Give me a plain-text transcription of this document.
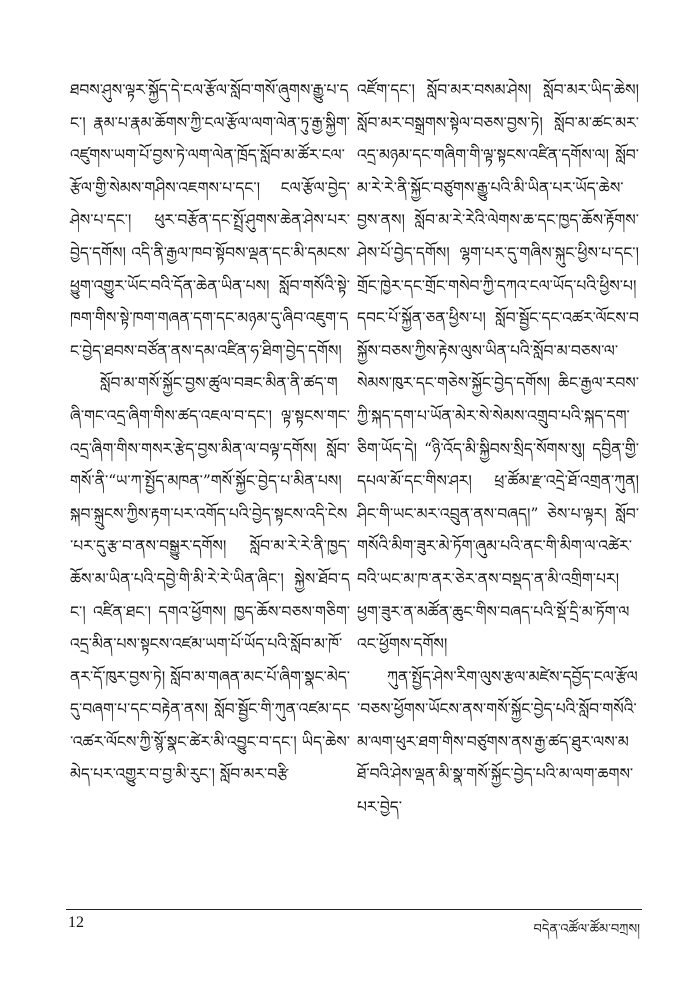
ཐབས་ཤུས་ལྟར་སྐྱོད་དེ་ངལ་རྩོལ་སློབ་གསོ་ཞུགས་རྒྱུ་པ་དང་། རྣམ་པ་རྣམ་ཆོགས་ཀྱི་ངལ་རྩོལ་ལག་ལེན་ཏུ་རྒྱ་སྐྱིག་འཛུགས་ཡག་པོ་བྱས་ཏེ་ལག་ལེན་ཁྲོད་སློབ་མ་ཚོར་ངལ་རྩོལ་གྱི་སེམས་གཤིས་འཇགས་པ་དང་། ངལ་རྩོལ་བྱེད་ཤེས་པ་དང་། ཕུར་བརྩོན་དང་སྤྲོ་ཤུགས་ཆེན་ཤེས་པར་བྱེད་དགོས། འདི་ནི་རྒྱལ་ཁབ་སྟོབས་ལྡན་དང་མི་དམངས་ཕྱུག་འགྱུར་ཡོང་བའི་དོན་ཆེན་ཡིན་པས། སློབ་གསོའི་སྟེ་ཁག་གིས་སྟེ་ཁག་གཞན་དག་དང་མཉམ་དུ་ཞིབ་འཇུག་དང་བྱེད་ཐབས་བཙོན་ནས་དམ་འཛིན་ཧ་ཐིག་བྱེད་དགོས།

སློབ་མ་གསོ་སྐྱོང་བྱས་ཚུལ་བཟང་མིན་ནི་ཚད་གཞི་གང་འདྲ་ཞིག་གིས་ཚད་འཇལ་བ་དང་། ལྟ་སྟངས་གང་འདྲ་ཞིག་གིས་གསར་རྩེད་བྱས་མིན་ལ་བལྟ་དགོས། སློབ་གསོ་ནི་“ཡ་ཀ་སྤྱོད་མཁན་”གསོ་སྐྱོང་བྱེད་པ་མིན་པས། སྐབ་སྐྲུངས་ཀྱིས་རྟག་པར་འགོད་པའི་བྱེད་སྟངས་འདི་ངེས་པར་དུ་རྩ་བ་ནས་བསྒྱུར་དགོས། སློབ་མ་རེ་རེ་ནི་ཁྱད་ཆོས་མ་ཡིན་པའི་དབྱེ་གི་མི་རེ་རེ་ཡིན་ཞིང་། སྐྱེས་ཐོབ་དང་། འཛིན་ཐང་། དགའ་ཕྱོགས། ཁྱད་ཆོས་བཅས་གཅིག་འདྲ་མིན་པས་སྟངས་འཛམ་ཡག་པོ་ཡོད་པའི་སློབ་མ་ཁོ་ནར་དོ་ཁུར་བྱས་ཏེ། སློབ་མ་གཞན་མང་པོ་ཞིག་སྣང་མེད་དུ་བཞག་པ་དང་བརྟེན་ནས། སློབ་སྦྱོང་གི་ཀུན་འཛམ་དང་འཚར་ལོངས་ཀྱི་སྙོ་སྣང་ཚེར་མི་འབྱུང་བ་དང་། ཡིད་ཆེས་མེད་པར་འགྱུར་བ་བྱ་མི་རུང་། སློབ་མར་བརྩི

འཛོག་དང་། སློབ་མར་བསམ་ཤེས། སློབ་མར་ཡིད་ཆེས། སློབ་མར་བསྒྲགས་སྟེལ་བཅས་བྱས་ཏེ། སློབ་མ་ཚང་མར་འདྲ་མཉམ་དང་གཞིག་གི་ལྟ་སྟངས་འཛིན་དགོས་ལ། སློབ་མ་རེ་རེ་ནི་སྐྱོང་བཙུགས་རྒྱུ་པའི་མི་ཡིན་པར་ཡོད་ཆེས་བྱས་ནས། སློབ་མ་རེ་རེའི་ལེགས་ཆ་དང་ཁྱད་ཆོས་རྟོགས་ཤེས་པོ་བྱེད་དགོས། ལྷག་པར་དུ་གཞིས་སྐུང་ཕྱིས་པ་དང་། གྲོང་ཁྱེར་དང་གྲོང་གསེབ་ཀྱི་དཀའ་ངལ་ཡོད་པའི་ཕྱིས་པ། དབང་པོ་སྐྱོན་ཅན་ཕྱིས་པ། སློབ་སྦྱོང་དང་འཚར་ལོངས་བསྐྱོས་བཅས་ཀྱིས་རྟེས་ལུས་ཡིན་པའི་སློབ་མ་བཅས་ལ་སེམས་ཁུར་དང་གཅེས་སྐྱོང་བྱེད་དགོས། ཆིང་རྒྱལ་རབས་ཀྱི་སྐད་དག་པ་ཡོན་མེར་སེ་སེམས་འགྲུབ་པའི་སྐད་དག་ཅིག་ཡོད་དེ། “ཉི་འོད་མི་སྐྱིབས་སྲིད་སོགས་སུ། དབྱིན་གྱི་དཔལ་མོ་དང་གིས་ཤར། ཕྲ་ཚོམ་རྫ་འདྲེ་ཐོ་འགྲན་ཀུན། ཤིང་གི་ཡང་མར་འབྲུན་ནས་བཞད།” ཅེས་པ་ལྟར། སློབ་གསོའི་མིག་ཟུར་མེ་ཏོག་ཞུམ་པའི་ནང་གི་མིག་ལ་འཚེར་བའི་ཡང་མ་ཁ་ནར་ཅེར་ནས་བསྡད་ན་མི་འགྲིག་པར། ཕྱག་ཟུར་ན་མཚོན་ཆུང་གིས་བཞད་པའི་སྡོ་དྲི་མ་ཏོག་ལའང་ཕྱོགས་དགོས།

ཀུན་སྤྱོད་ཤེས་རིག་ལུས་རྩལ་མཛེས་དབྱོད་ངལ་རྩོལ་བཅས་ཕྱོགས་ཡོངས་ནས་གསོ་སྐྱོང་བྱེད་པའི་སློབ་གསོའི་མ་ལག་ཕུར་ཐག་གིས་བཙུགས་ནས་རྒྱ་ཚད་ཐུར་ལས་མཐོ་བའི་ཤེས་ལྡན་མི་སྣ་གསོ་སྐྱོང་བྱེད་པའི་མ་ལག་ཆགས་པར་བྱེད་

12	བདེན་འཚོལ་ཚོམ་བཀྲས།
